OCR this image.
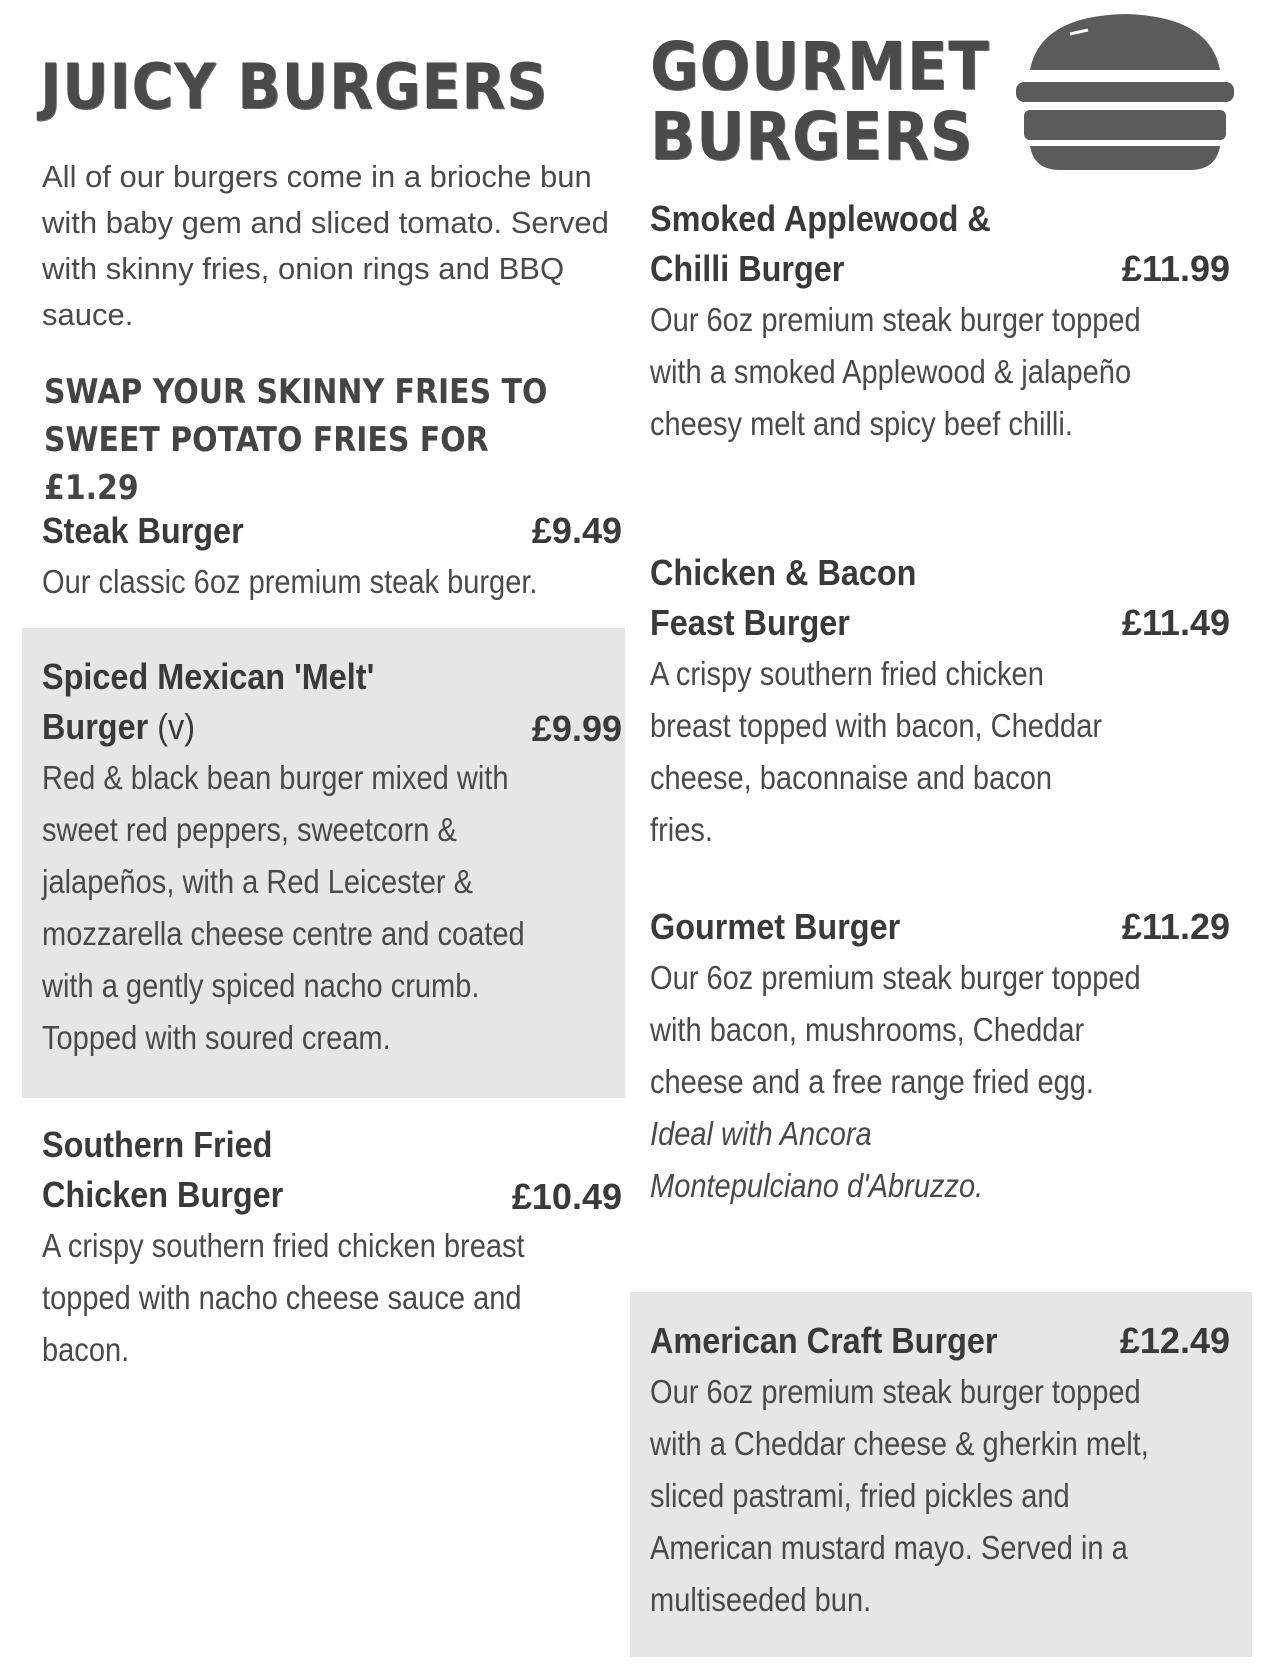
JUICY BURGERS
All of our burgers come in a brioche bun with baby gem and sliced tomato. Served with skinny fries, onion rings and BBQ sauce.
SWAP YOUR SKINNY FRIES TO SWEET POTATO FRIES FOR £1.29
Steak Burger	£9.49
Our classic 6oz premium steak burger.
Spiced Mexican 'Melt' Burger (v)	£9.99
Red & black bean burger mixed with sweet red peppers, sweetcorn & jalapeños, with a Red Leicester & mozzarella cheese centre and coated with a gently spiced nacho crumb. Topped with soured cream.
Southern Fried Chicken Burger	£10.49
A crispy southern fried chicken breast topped with nacho cheese sauce and bacon.
GOURMET
BURGERS
Smoked Applewood & Chilli Burger	£11.99
Our 6oz premium steak burger topped with a smoked Applewood & jalapeño cheesy melt and spicy beef chilli.
Chicken & Bacon Feast Burger	£11.49
A crispy southern fried chicken breast topped with bacon, Cheddar cheese, baconnaise and bacon fries.
Gourmet Burger	£11.29
Our 6oz premium steak burger topped with bacon, mushrooms, Cheddar cheese and a free range fried egg.
Ideal with Ancora Montepulciano d'Abruzzo.
American Craft Burger	£12.49
Our 6oz premium steak burger topped with a Cheddar cheese & gherkin melt, sliced pastrami, fried pickles and American mustard mayo. Served in a multiseeded bun.
